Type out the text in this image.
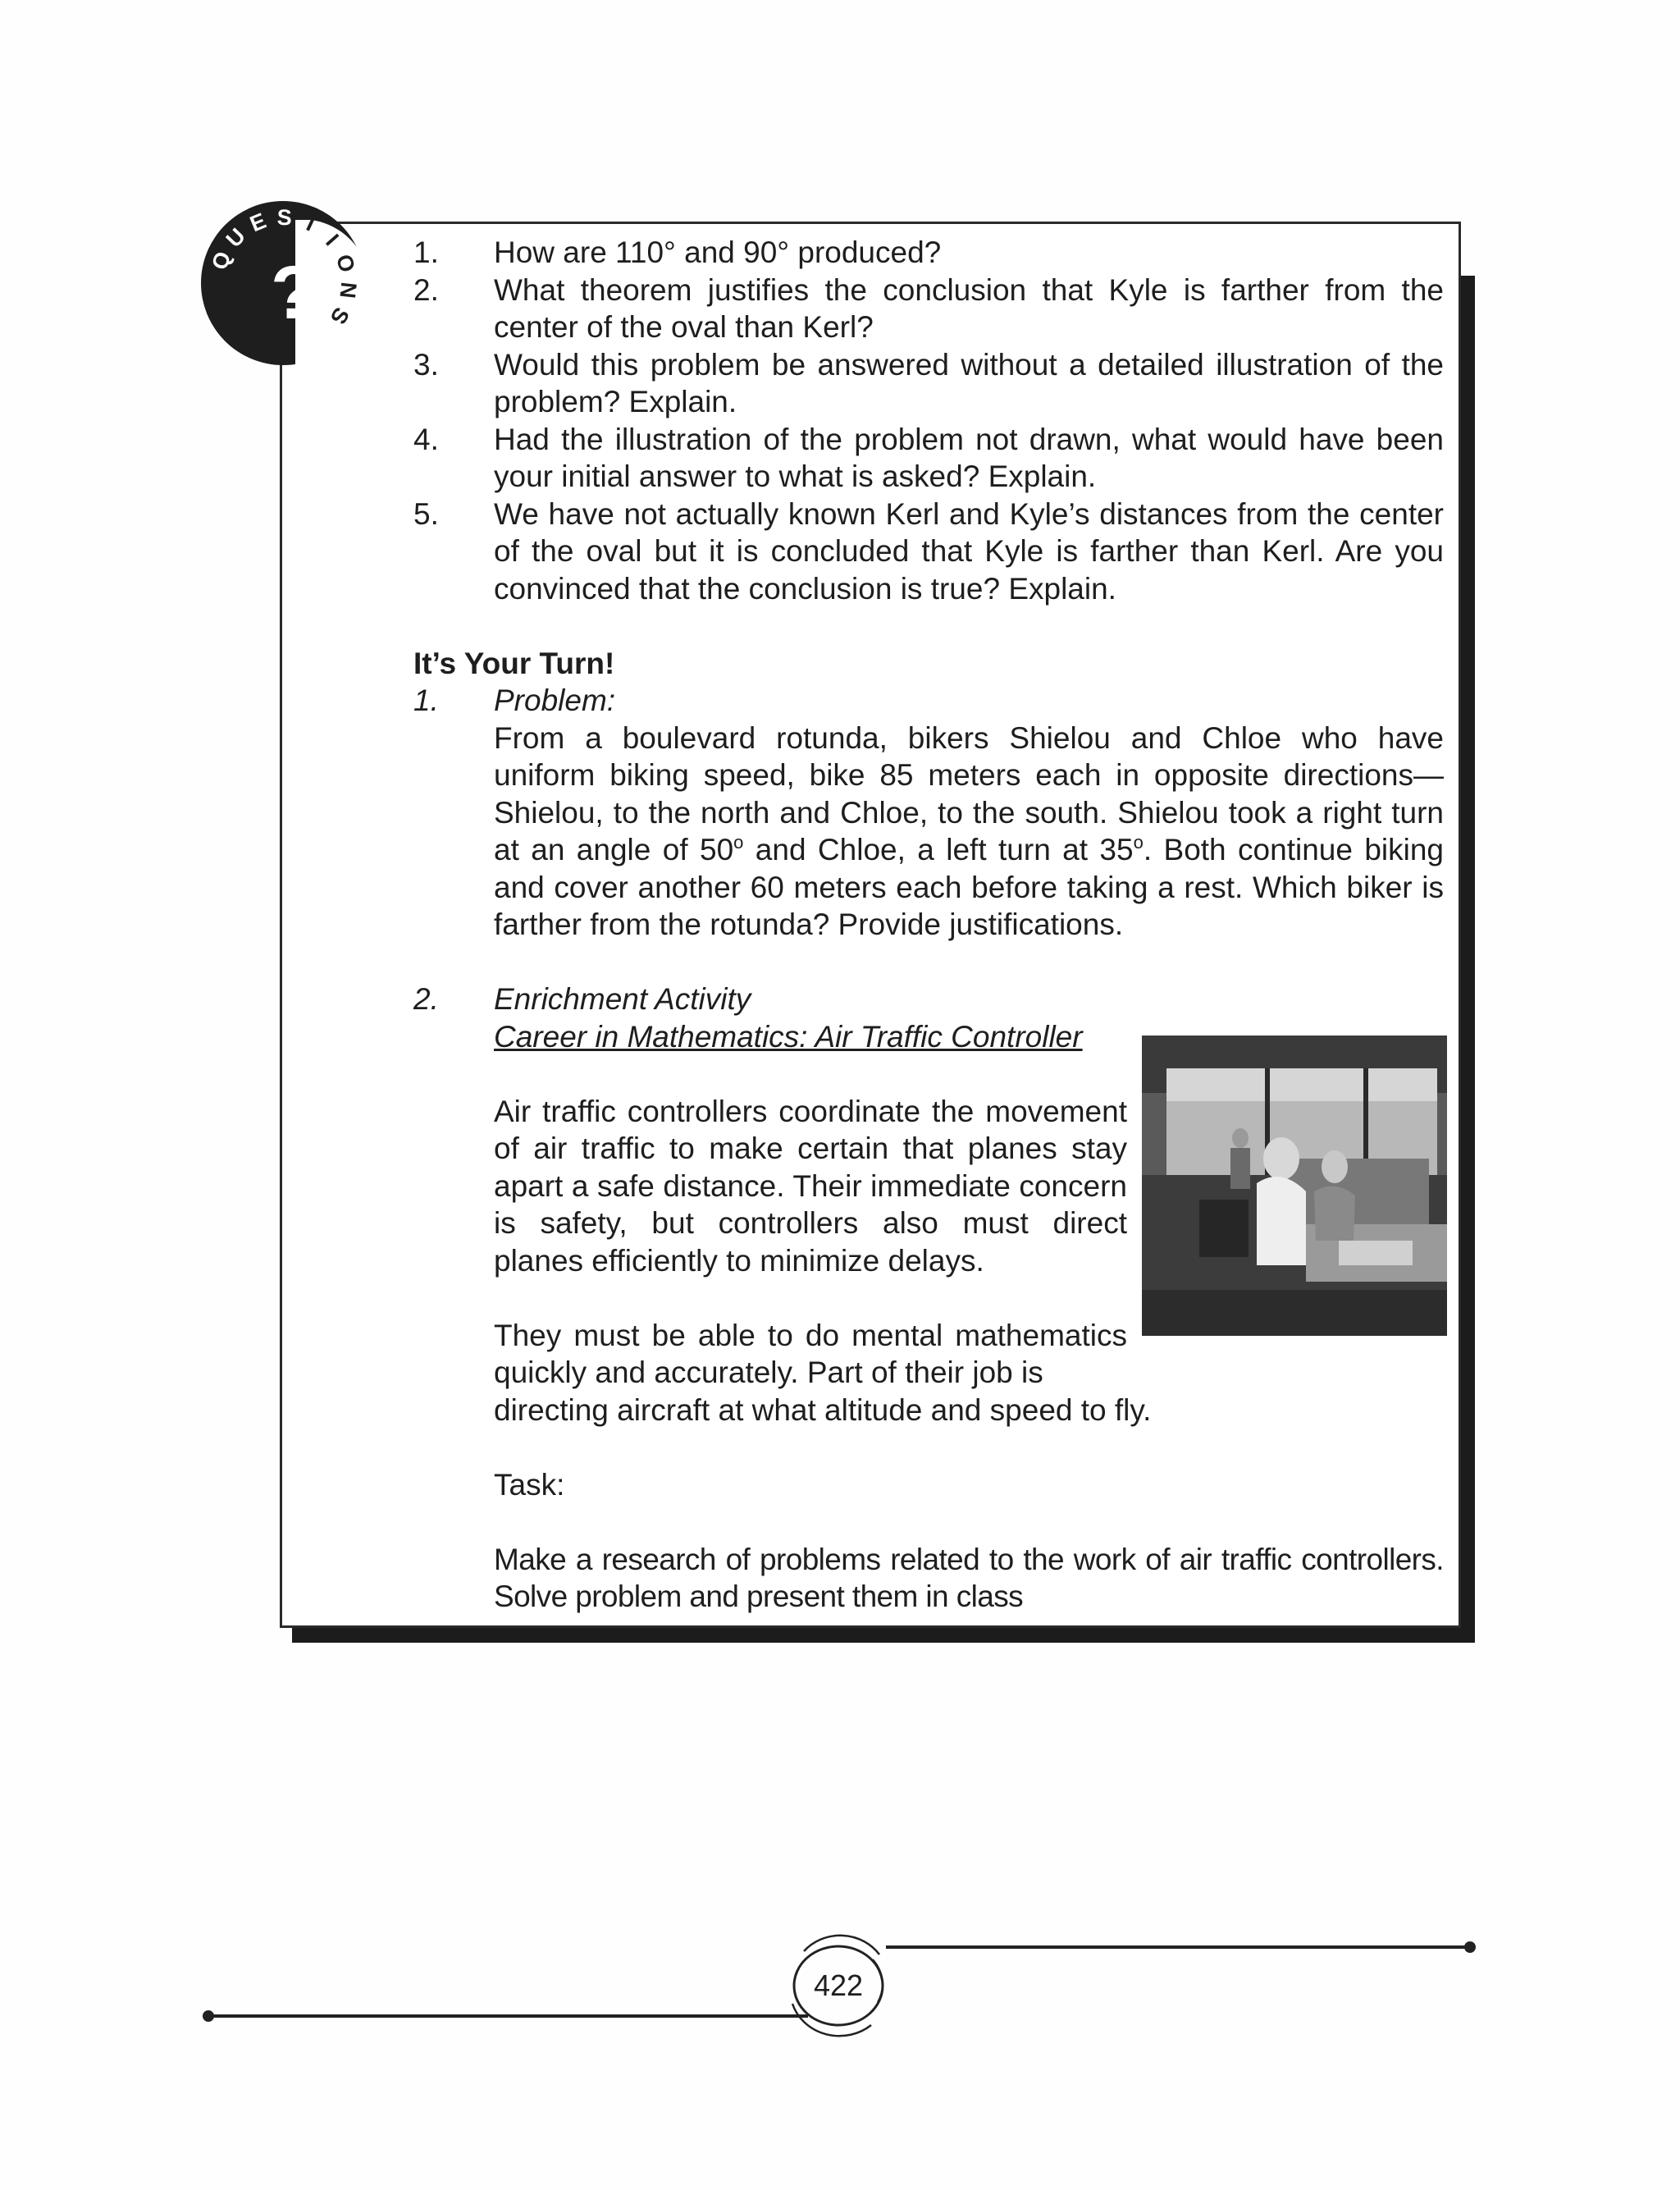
Q
U
E S T
I
O
N
S
?	1.	How are 110° and 90° produced?
2.	What theorem justifies the conclusion that Kyle is farther from the center of the oval than Kerl?
3.	Would this problem be answered without a detailed illustration of the problem? Explain.
4.	Had the illustration of the problem not drawn, what would have been your initial answer to what is asked? Explain.
5.	We have not actually known Kerl and Kyle’s distances from the center of the oval but it is concluded that Kyle is farther than Kerl. Are you convinced that the conclusion is true? Explain.
It’s Your Turn!
1.	Problem:
From a boulevard rotunda, bikers Shielou and Chloe who have uniform biking speed, bike 85 meters each in opposite directions—Shielou, to the north and Chloe, to the south. Shielou took a right turn at an angle of 50$^o$ and Chloe, a left turn at 35$^o$. Both continue biking and cover another 60 meters each before taking a rest. Which biker is farther from the rotunda? Provide justifications.
2.	Enrichment Activity
Career in Mathematics: Air Traffic Controller
Air traffic controllers coordinate the movement of air traffic to make certain that planes stay apart a safe distance. Their immediate concern is safety, but controllers also must direct planes efficiently to minimize delays.
They must be able to do mental mathematics quickly and accurately. Part of their job is
directing aircraft at what altitude and speed to fly.
Task:
Make a research of problems related to the work of air traffic controllers. Solve problem and present them in class
422
